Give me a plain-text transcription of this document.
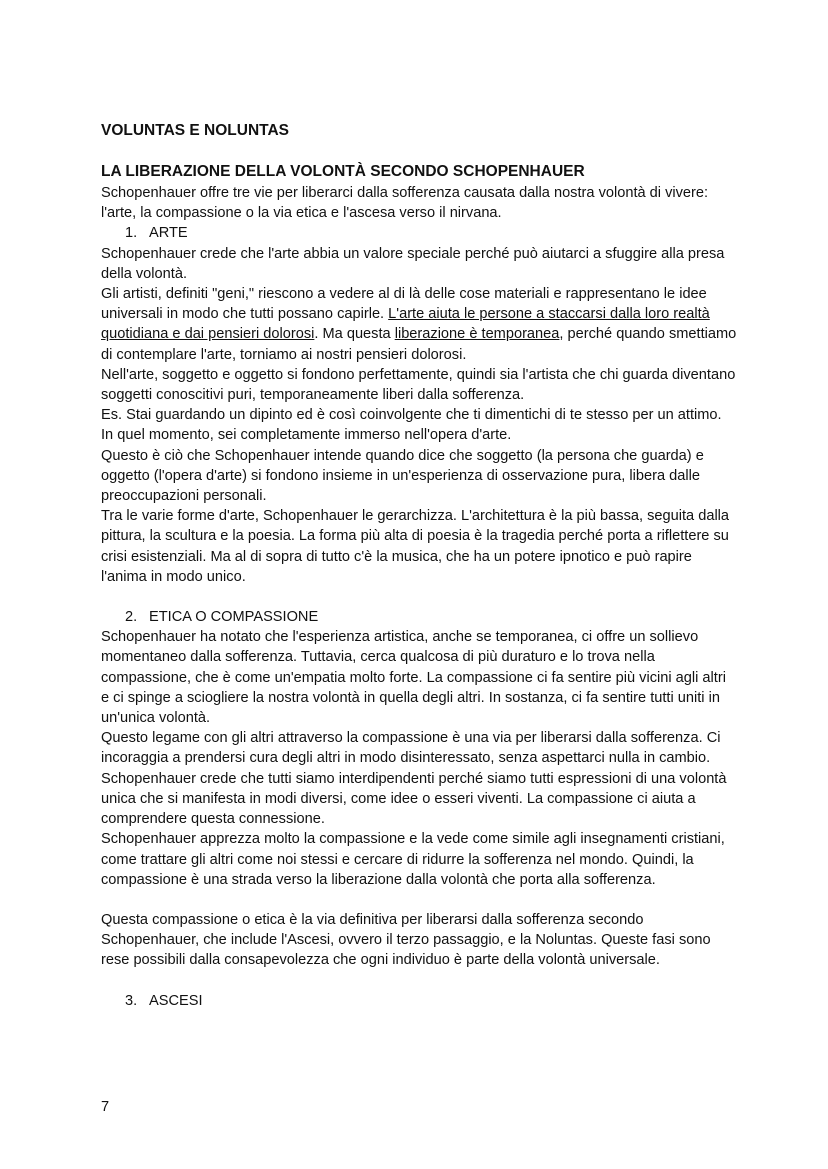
VOLUNTAS E NOLUNTAS
LA LIBERAZIONE DELLA VOLONTÀ SECONDO SCHOPENHAUER

Schopenhauer offre tre vie per liberarci dalla sofferenza causata dalla nostra volontà di vivere: l'arte, la compassione o la via etica e l'ascesa verso il nirvana.

1. ARTE

Schopenhauer crede che l'arte abbia un valore speciale perché può aiutarci a sfuggire alla presa della volontà.

Gli artisti, definiti "geni," riescono a vedere al di là delle cose materiali e rappresentano le idee universali in modo che tutti possano capirle. L'arte aiuta le persone a staccarsi dalla loro realtà quotidiana e dai pensieri dolorosi. Ma questa liberazione è temporanea, perché quando smettiamo di contemplare l'arte, torniamo ai nostri pensieri dolorosi.

Nell'arte, soggetto e oggetto si fondono perfettamente, quindi sia l'artista che chi guarda diventano soggetti conoscitivi puri, temporaneamente liberi dalla sofferenza.

Es. Stai guardando un dipinto ed è così coinvolgente che ti dimentichi di te stesso per un attimo. In quel momento, sei completamente immerso nell'opera d'arte.

Questo è ciò che Schopenhauer intende quando dice che soggetto (la persona che guarda) e oggetto (l'opera d'arte) si fondono insieme in un'esperienza di osservazione pura, libera dalle preoccupazioni personali.

Tra le varie forme d'arte, Schopenhauer le gerarchizza. L'architettura è la più bassa, seguita dalla pittura, la scultura e la poesia. La forma più alta di poesia è la tragedia perché porta a riflettere su crisi esistenziali. Ma al di sopra di tutto c'è la musica, che ha un potere ipnotico e può rapire l'anima in modo unico.

2. ETICA O COMPASSIONE

Schopenhauer ha notato che l'esperienza artistica, anche se temporanea, ci offre un sollievo momentaneo dalla sofferenza. Tuttavia, cerca qualcosa di più duraturo e lo trova nella compassione, che è come un'empatia molto forte. La compassione ci fa sentire più vicini agli altri e ci spinge a sciogliere la nostra volontà in quella degli altri. In sostanza, ci fa sentire tutti uniti in un'unica volontà.

Questo legame con gli altri attraverso la compassione è una via per liberarsi dalla sofferenza. Ci incoraggia a prendersi cura degli altri in modo disinteressato, senza aspettarci nulla in cambio. Schopenhauer crede che tutti siamo interdipendenti perché siamo tutti espressioni di una volontà unica che si manifesta in modi diversi, come idee o esseri viventi. La compassione ci aiuta a comprendere questa connessione.

Schopenhauer apprezza molto la compassione e la vede come simile agli insegnamenti cristiani, come trattare gli altri come noi stessi e cercare di ridurre la sofferenza nel mondo. Quindi, la compassione è una strada verso la liberazione dalla volontà che porta alla sofferenza.

Questa compassione o etica è la via definitiva per liberarsi dalla sofferenza secondo Schopenhauer, che include l'Ascesi, ovvero il terzo passaggio, e la Noluntas. Queste fasi sono rese possibili dalla consapevolezza che ogni individuo è parte della volontà universale.

3. ASCESI
7
